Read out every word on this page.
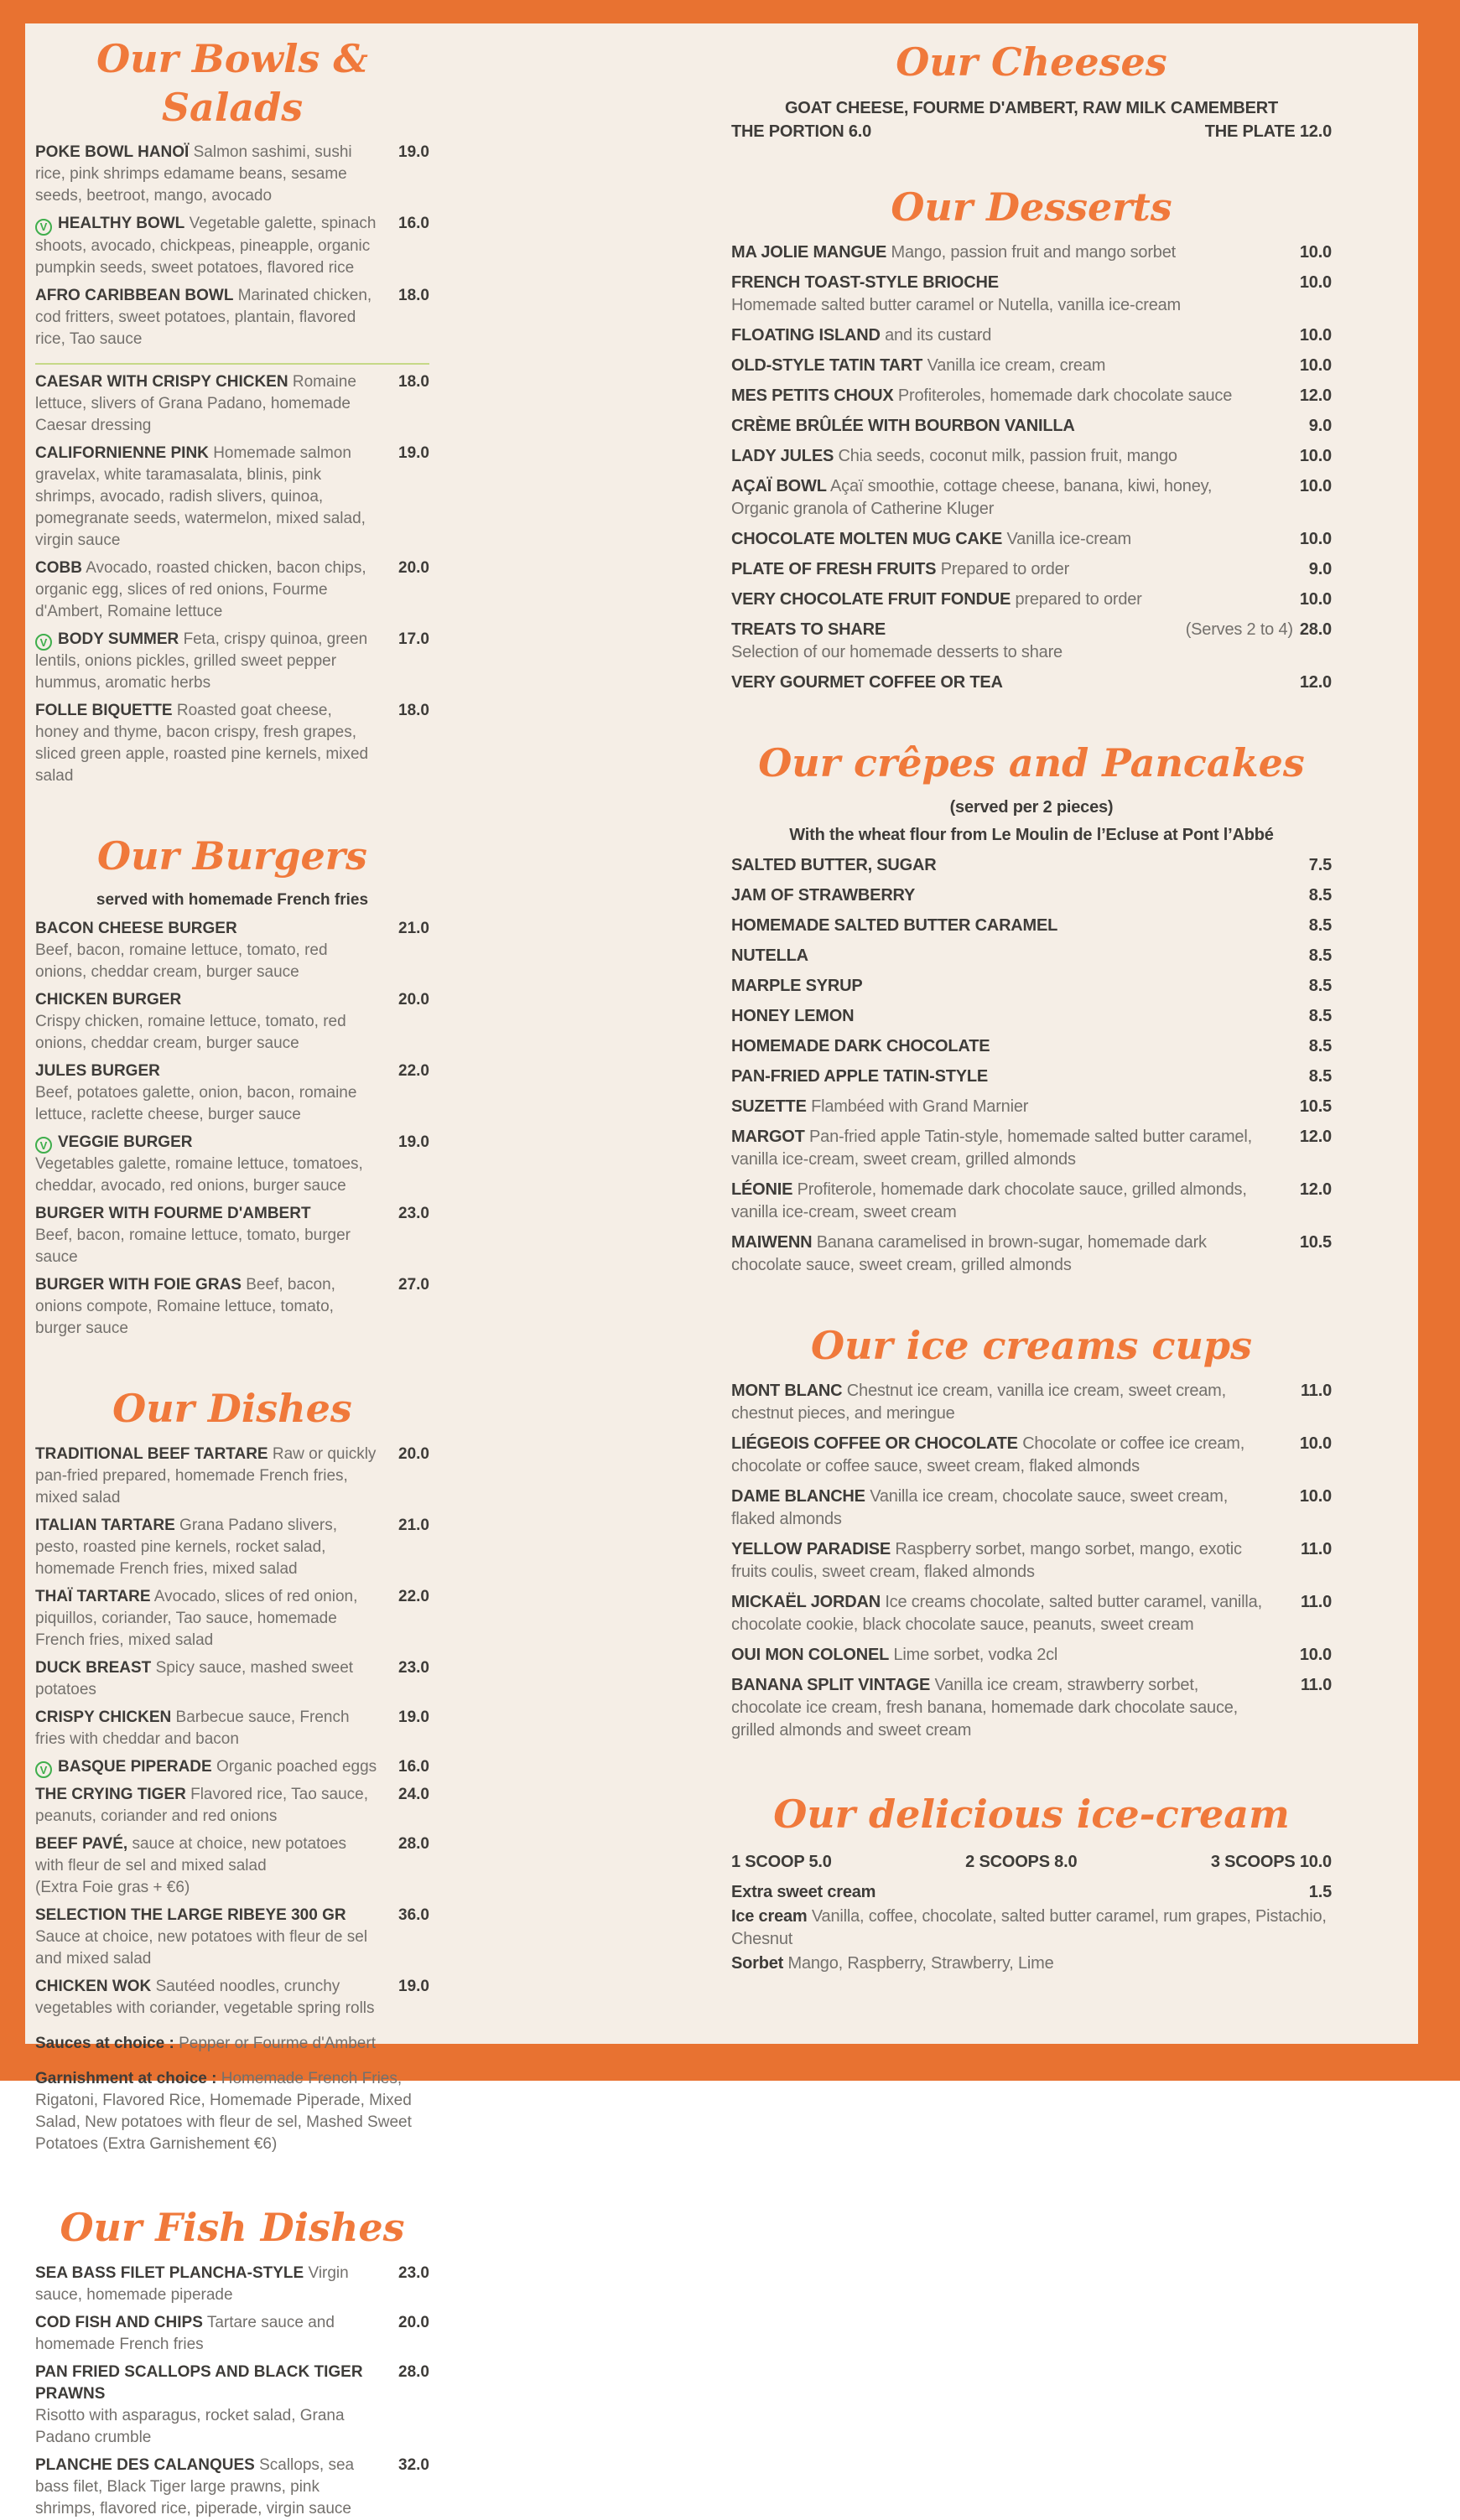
Our Bowls & Salads
POKE BOWL HANOÏ Salmon sashimi, sushi rice, pink shrimps edamame beans, sesame seeds, beetroot, mango, avocado
19.0
V HEALTHY BOWL Vegetable galette, spinach shoots, avocado, chickpeas, pineapple, organic pumpkin seeds, sweet potatoes, flavored rice
16.0
AFRO CARIBBEAN BOWL Marinated chicken, cod fritters, sweet potatoes, plantain, flavored rice, Tao sauce
18.0
CAESAR WITH CRISPY CHICKEN Romaine lettuce, slivers of Grana Padano, homemade Caesar dressing
18.0
CALIFORNIENNE PINK Homemade salmon gravelax, white taramasalata, blinis, pink shrimps, avocado, radish slivers, quinoa, pomegranate seeds, watermelon, mixed salad, virgin sauce
19.0
COBB Avocado, roasted chicken, bacon chips, organic egg, slices of red onions, Fourme d'Ambert, Romaine lettuce
20.0
V BODY SUMMER Feta, crispy quinoa, green lentils, onions pickles, grilled sweet pepper hummus, aromatic herbs
17.0
FOLLE BIQUETTE Roasted goat cheese, honey and thyme, bacon crispy, fresh grapes, sliced green apple, roasted pine kernels, mixed salad
18.0
Our Burgers
served with homemade French fries
BACON CHEESE BURGER
Beef, bacon, romaine lettuce, tomato, red onions, cheddar cream, burger sauce
21.0
CHICKEN BURGER
Crispy chicken, romaine lettuce, tomato, red onions, cheddar cream, burger sauce
20.0
JULES BURGER
Beef, potatoes galette, onion, bacon, romaine lettuce, raclette cheese, burger sauce
22.0
V VEGGIE BURGER
Vegetables galette, romaine lettuce, tomatoes, cheddar, avocado, red onions, burger sauce
19.0
BURGER WITH FOURME D'AMBERT
Beef, bacon, romaine lettuce, tomato, burger sauce
23.0
BURGER WITH FOIE GRAS Beef, bacon, onions compote, Romaine lettuce, tomato, burger sauce
27.0
Our Dishes
TRADITIONAL BEEF TARTARE Raw or quickly pan-fried prepared, homemade French fries, mixed salad
20.0
ITALIAN TARTARE Grana Padano slivers, pesto, roasted pine kernels, rocket salad, homemade French fries, mixed salad
21.0
THAÏ TARTARE Avocado, slices of red onion, piquillos, coriander, Tao sauce, homemade French fries, mixed salad
22.0
DUCK BREAST Spicy sauce, mashed sweet potatoes
23.0
CRISPY CHICKEN Barbecue sauce, French fries with cheddar and bacon
19.0
V BASQUE PIPERADE Organic poached eggs	16.0
THE CRYING TIGER Flavored rice, Tao sauce, peanuts, coriander and red onions
24.0
BEEF PAVÉ, sauce at choice, new potatoes with fleur de sel and mixed salad
(Extra Foie gras + €6)
28.0
SELECTION THE LARGE RIBEYE 300 GR
Sauce at choice, new potatoes with fleur de sel and mixed salad
36.0
CHICKEN WOK Sautéed noodles, crunchy vegetables with coriander, vegetable spring rolls
19.0
Sauces at choice : Pepper or Fourme d'Ambert
Garnishment at choice : Homemade French Fries, Rigatoni, Flavored Rice, Homemade Piperade, Mixed Salad, New potatoes with fleur de sel, Mashed Sweet Potatoes (Extra Garnishement €6)
Our Fish Dishes
SEA BASS FILET PLANCHA-STYLE Virgin sauce, homemade piperade
23.0
COD FISH AND CHIPS Tartare sauce and homemade French fries
20.0
PAN FRIED SCALLOPS AND BLACK TIGER PRAWNS
Risotto with asparagus, rocket salad, Grana Padano crumble
28.0
PLANCHE DES CALANQUES Scallops, sea bass filet, Black Tiger large prawns, pink shrimps, flavored rice, piperade, virgin sauce
32.0
Our Cheeses
GOAT CHEESE, FOURME D'AMBERT, RAW MILK CAMEMBERT
THE PORTION 6.0	THE PLATE 12.0
Our Desserts
MA JOLIE MANGUE Mango, passion fruit and mango sorbet	10.0
FRENCH TOAST-STYLE BRIOCHE
Homemade salted butter caramel or Nutella, vanilla ice-cream
10.0
FLOATING ISLAND and its custard	10.0
OLD-STYLE TATIN TART Vanilla ice cream, cream	10.0
MES PETITS CHOUX Profiteroles, homemade dark chocolate sauce	12.0
CRÈME BRÛLÉE WITH BOURBON VANILLA	9.0
LADY JULES Chia seeds, coconut milk, passion fruit, mango	10.0
AÇAÏ BOWL Açaï smoothie, cottage cheese, banana, kiwi, honey, Organic granola of Catherine Kluger
10.0
CHOCOLATE MOLTEN MUG CAKE Vanilla ice-cream	10.0
PLATE OF FRESH FRUITS Prepared to order	9.0
VERY CHOCOLATE FRUIT FONDUE prepared to order	10.0
TREATS TO SHARE
Selection of our homemade desserts to share
(Serves 2 to 4) 28.0
VERY GOURMET COFFEE OR TEA	12.0
Our crêpes and Pancakes
(served per 2 pieces)
With the wheat flour from Le Moulin de l’Ecluse at Pont l’Abbé
SALTED BUTTER, SUGAR	7.5
JAM OF STRAWBERRY	8.5
HOMEMADE SALTED BUTTER CARAMEL	8.5
NUTELLA	8.5
MARPLE SYRUP	8.5
HONEY LEMON	8.5
HOMEMADE DARK CHOCOLATE	8.5
PAN-FRIED APPLE TATIN-STYLE	8.5
SUZETTE Flambéed with Grand Marnier	10.5
MARGOT Pan-fried apple Tatin-style, homemade salted butter caramel, vanilla ice-cream, sweet cream, grilled almonds
12.0
LÉONIE Profiterole, homemade dark chocolate sauce, grilled almonds, vanilla ice-cream, sweet cream
12.0
MAIWENN Banana caramelised in brown-sugar, homemade dark chocolate sauce, sweet cream, grilled almonds
10.5
Our ice creams cups
MONT BLANC Chestnut ice cream, vanilla ice cream, sweet cream, chestnut pieces, and meringue
11.0
LIÉGEOIS COFFEE OR CHOCOLATE Chocolate or coffee ice cream, chocolate or coffee sauce, sweet cream, flaked almonds
10.0
DAME BLANCHE Vanilla ice cream, chocolate sauce, sweet cream, flaked almonds
10.0
YELLOW PARADISE Raspberry sorbet, mango sorbet, mango, exotic fruits coulis, sweet cream, flaked almonds
11.0
MICKAËL JORDAN Ice creams chocolate, salted butter caramel, vanilla, chocolate cookie, black chocolate sauce, peanuts, sweet cream
11.0
OUI MON COLONEL Lime sorbet, vodka 2cl	10.0
BANANA SPLIT VINTAGE Vanilla ice cream, strawberry sorbet, chocolate ice cream, fresh banana, homemade dark chocolate sauce, grilled almonds and sweet cream
11.0
Our delicious ice-cream
1 SCOOP 5.0	2 SCOOPS 8.0	3 SCOOPS 10.0
Extra sweet cream	1.5
Ice cream Vanilla, coffee, chocolate, salted butter caramel, rum grapes, Pistachio, Chesnut
Sorbet Mango, Raspberry, Strawberry, Lime
